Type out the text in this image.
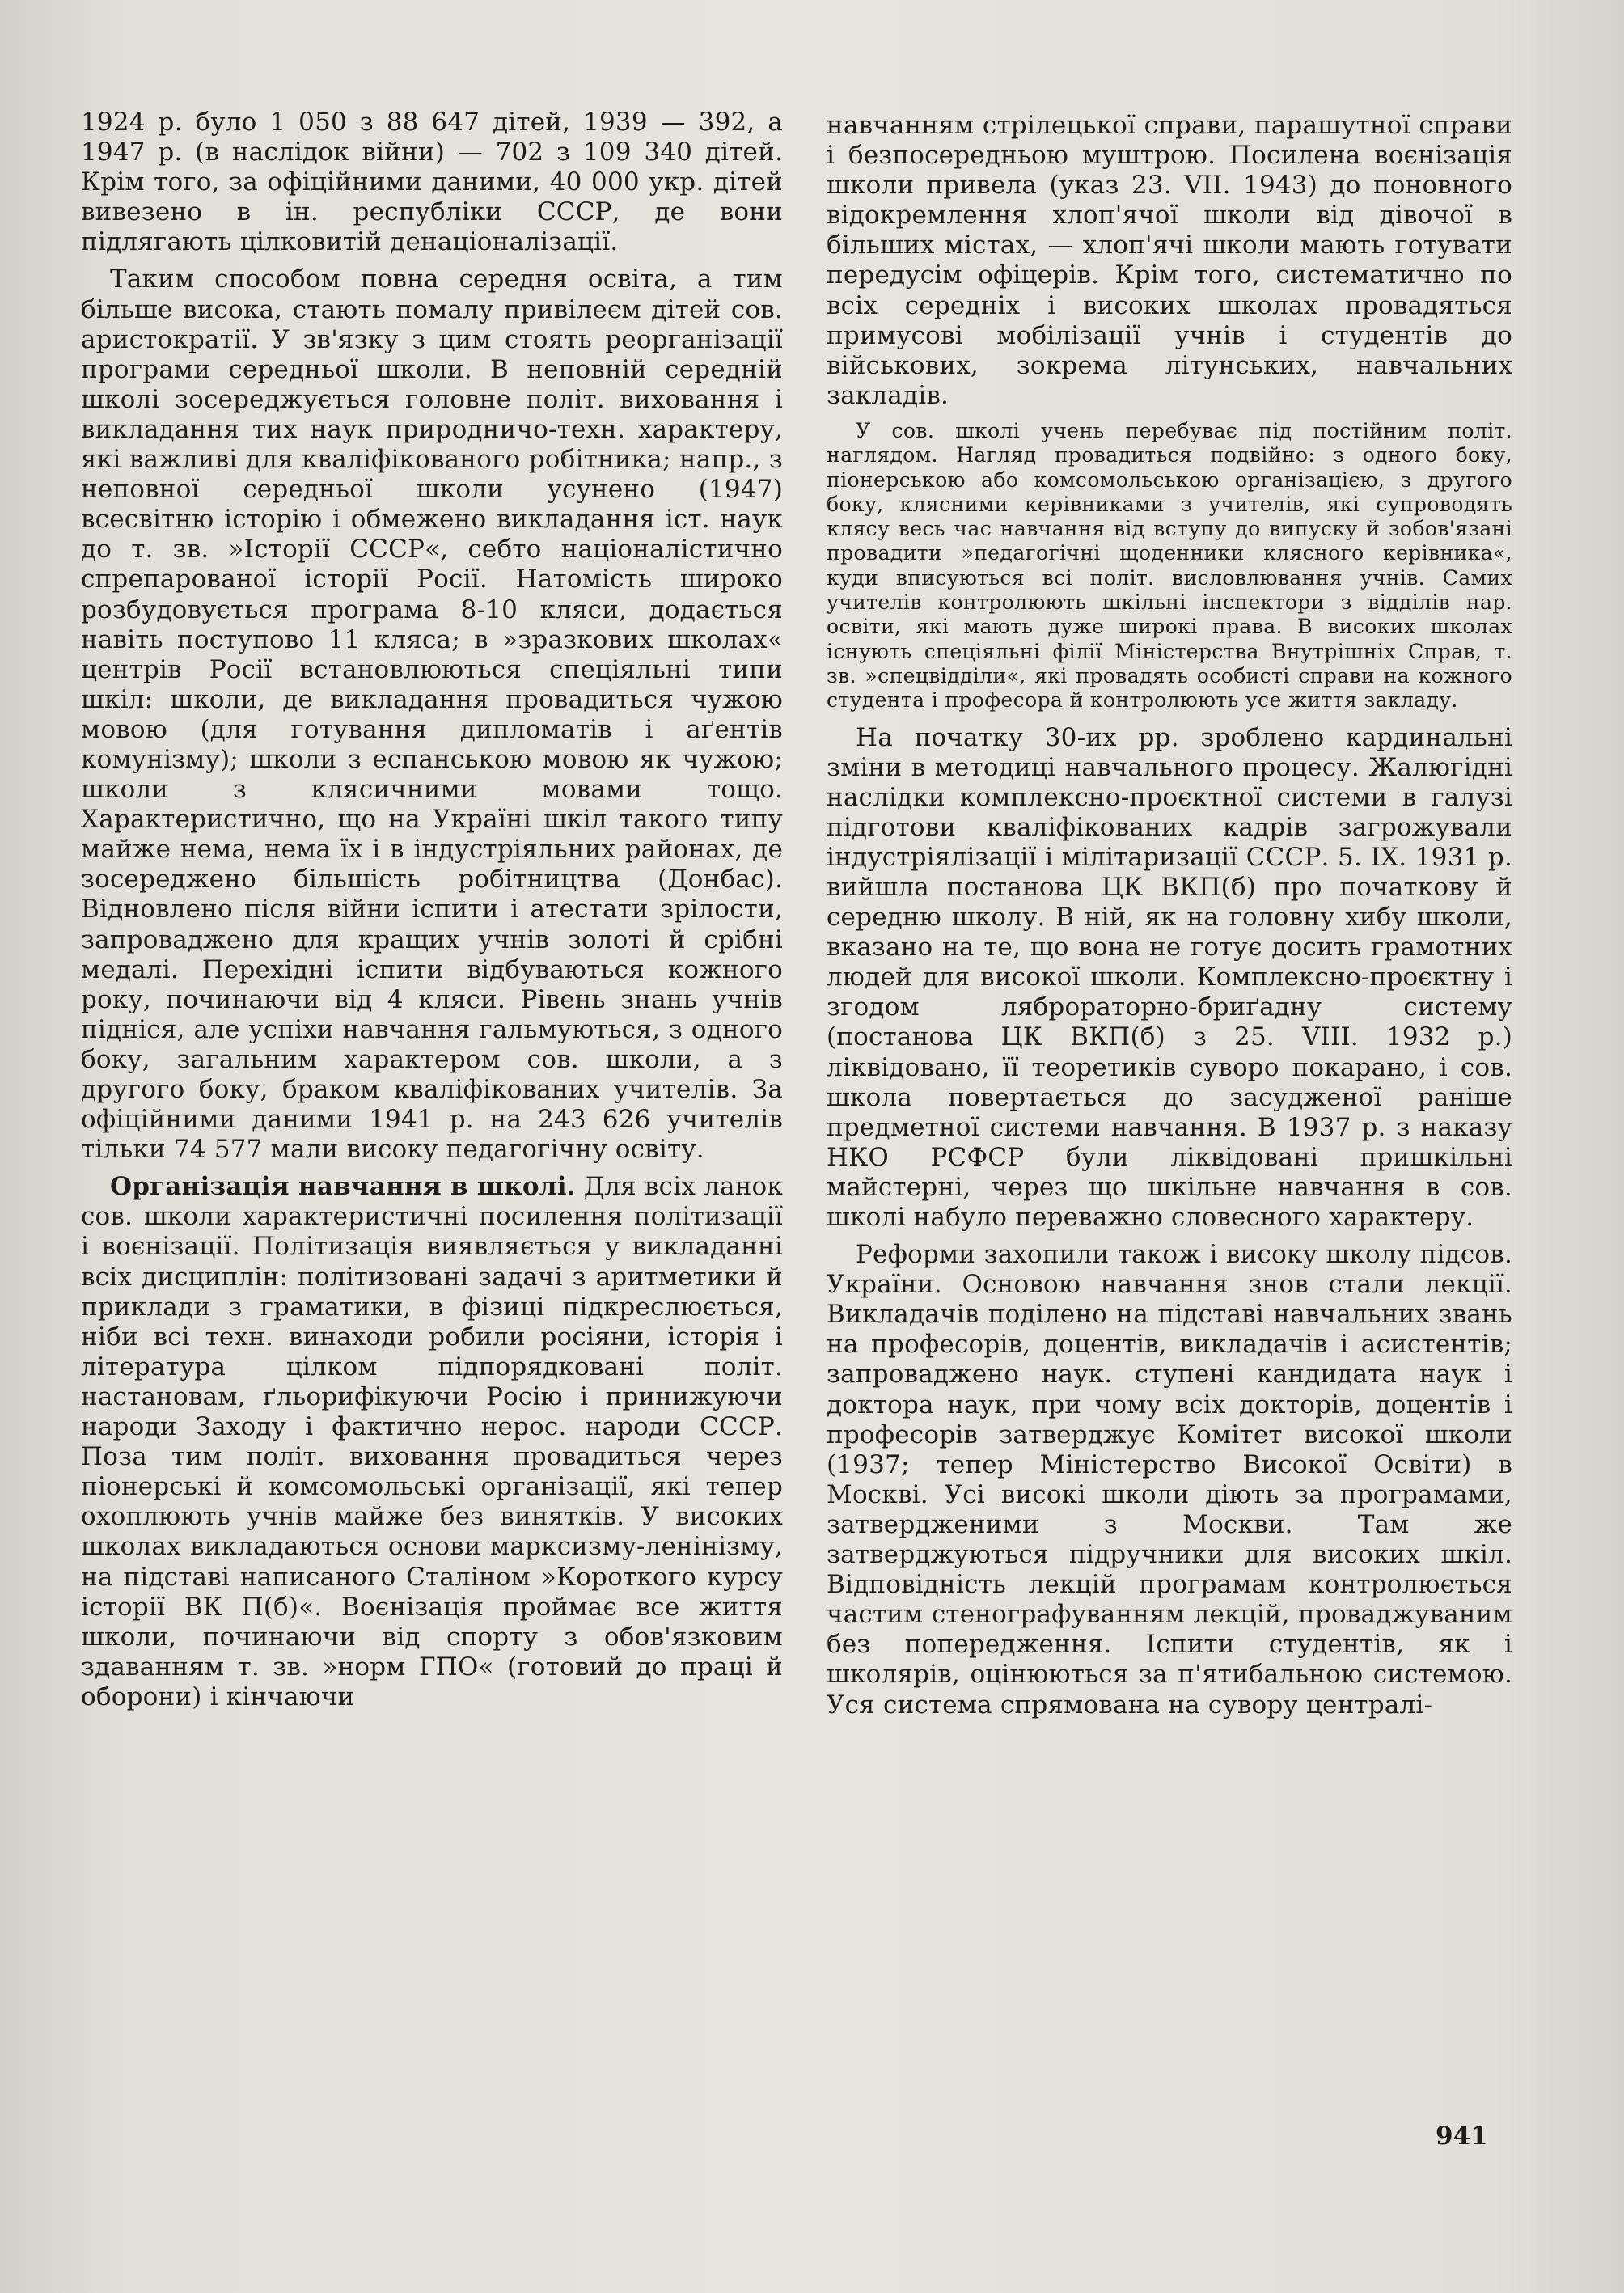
1924 р. було 1 050 з 88 647 дітей, 1939 — 392, а 1947 р. (в наслідок війни) — 702 з 109 340 дітей. Крім того, за офіційними даними, 40 000 укр. дітей вивезено в ін. республіки СССР, де вони підлягають цілковитій денаціоналізації.

Таким способом повна середня освіта, а тим більше висока, стають помалу привілеєм дітей сов. аристократії. У зв'язку з цим стоять реорганізації програми середньої школи. В неповній середній школі зосереджується головне політ. виховання і викладання тих наук природничо-техн. характеру, які важливі для кваліфікованого робітника; напр., з неповної середньої школи усунено (1947) всесвітню історію і обмежено викладання іст. наук до т. зв. »Історії СССР«, себто націоналістично спрепарованої історії Росії. Натомість широко розбудовується програма 8-10 кляси, додається навіть поступово 11 кляса; в »зразкових школах« центрів Росії встановлюються спеціяльні типи шкіл: школи, де викладання провадиться чужою мовою (для готування дипломатів і аґентів комунізму); школи з еспанською мовою як чужою; школи з клясичними мовами тощо. Характеристично, що на Україні шкіл такого типу майже нема, нема їх і в індустріяльних районах, де зосереджено більшість робітництва (Донбас). Відновлено після війни іспити і атестати зрілости, запроваджено для кращих учнів золоті й срібні медалі. Перехідні іспити відбуваються кожного року, починаючи від 4 кляси. Рівень знань учнів підніся, але успіхи навчання гальмуються, з одного боку, загальним характером сов. школи, а з другого боку, браком кваліфікованих учителів. За офіційними даними 1941 р. на 243 626 учителів тільки 74 577 мали високу педагогічну освіту.

Організація навчання в школі. Для всіх ланок сов. школи характеристичні посилення політизації і воєнізації. Політизація виявляється у викладанні всіх дисциплін: політизовані задачі з аритметики й приклади з граматики, в фізиці підкреслюється, ніби всі техн. винаходи робили росіяни, історія і література цілком підпорядковані політ. настановам, ґльорифікуючи Росію і принижуючи народи Заходу і фактично нерос. народи СССР. Поза тим політ. виховання провадиться через піонерські й комсомольські організації, які тепер охоплюють учнів майже без винятків. У високих школах викладаються основи марксизму-ленінізму, на підставі написаного Сталіном »Короткого курсу історії ВК П(б)«. Воєнізація проймає все життя школи, починаючи від спорту з обов'язковим здаванням т. зв. »норм ГПО« (готовий до праці й оборони) і кінчаючи

навчанням стрілецької справи, парашутної справи і безпосередньою муштрою. Посилена воєнізація школи привела (указ 23. VII. 1943) до поновного відокремлення хлоп'ячої школи від дівочої в більших містах, — хлоп'ячі школи мають готувати передусім офіцерів. Крім того, систематично по всіх середніх і високих школах провадяться примусові мобілізації учнів і студентів до військових, зокрема літунських, навчальних закладів.

У сов. школі учень перебуває під постійним політ. наглядом. Нагляд провадиться подвійно: з одного боку, піонерською або комсомольською організацією, з другого боку, клясними керівниками з учителів, які супроводять клясу весь час навчання від вступу до випуску й зобов'язані провадити »педагогічні щоденники клясного керівника«, куди вписуються всі політ. висловлювання учнів. Самих учителів контролюють шкільні інспектори з відділів нар. освіти, які мають дуже широкі права. В високих школах існують спеціяльні філії Міністерства Внутрішніх Справ, т. зв. »спецвідділи«, які провадять особисті справи на кожного студента і професора й контролюють усе життя закладу.

На початку 30-их рр. зроблено кардинальні зміни в методиці навчального процесу. Жалюгідні наслідки комплексно-проєктної системи в галузі підготови кваліфікованих кадрів загрожували індустріялізації і мілітаризації СССР. 5. IX. 1931 р. вийшла постанова ЦК ВКП(б) про початкову й середню школу. В ній, як на головну хибу школи, вказано на те, що вона не готує досить грамотних людей для високої школи. Комплексно-проєктну і згодом ляброраторно-бриґадну систему (постанова ЦК ВКП(б) з 25. VIII. 1932 р.) ліквідовано, її теоретиків суворо покарано, і сов. школа повертається до засудженої раніше предметної системи навчання. В 1937 р. з наказу НКО РСФСР були ліквідовані пришкільні майстерні, через що шкільне навчання в сов. школі набуло переважно словесного характеру.

Реформи захопили також і високу школу підсов. України. Основою навчання знов стали лекції. Викладачів поділено на підставі навчальних звань на професорів, доцентів, викладачів і асистентів; запроваджено наук. ступені кандидата наук і доктора наук, при чому всіх докторів, доцентів і професорів затверджує Комітет високої школи (1937; тепер Міністерство Високої Освіти) в Москві. Усі високі школи діють за програмами, затвердженими з Москви. Там же затверджуються підручники для високих шкіл. Відповідність лекцій програмам контролюється частим стенографуванням лекцій, проваджуваним без попередження. Іспити студентів, як і школярів, оцінюються за п'ятибальною системою. Уся система спрямована на сувору централі-

941
